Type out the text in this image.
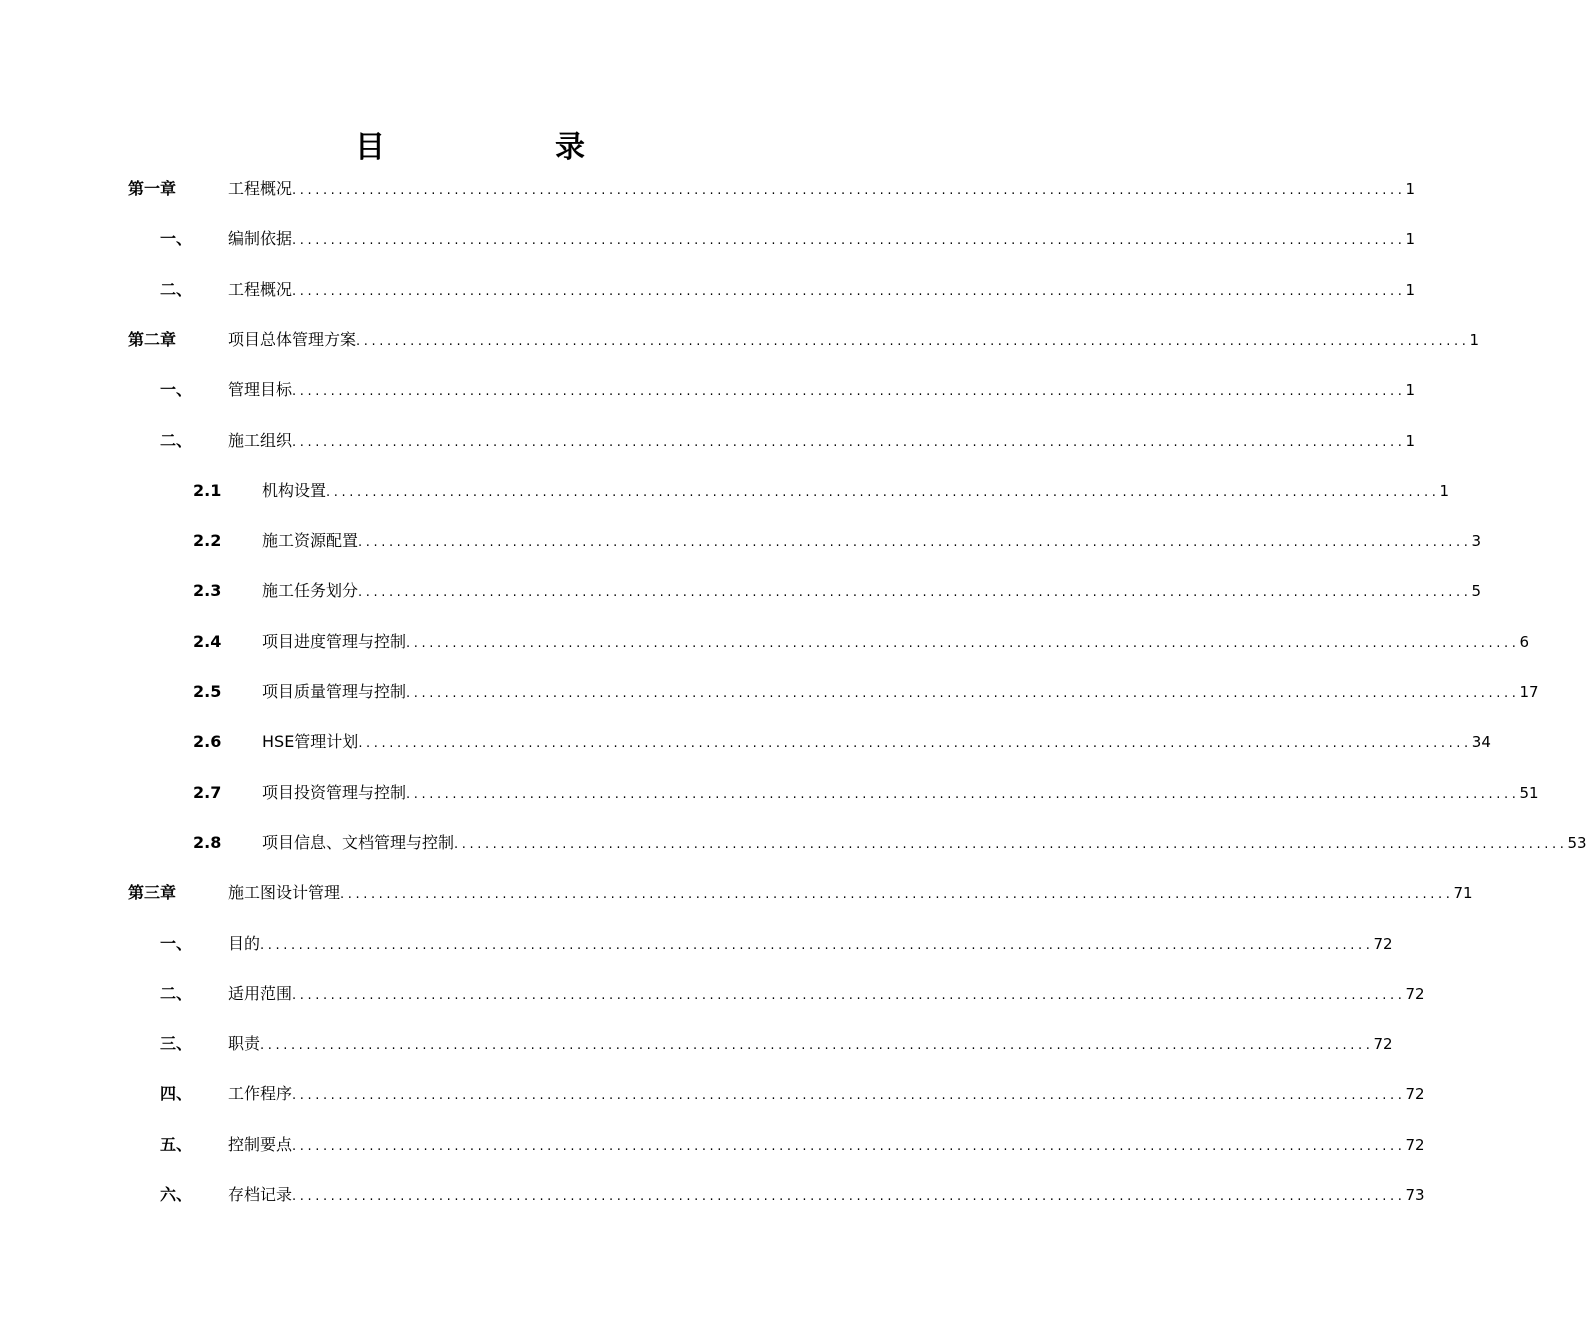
目　录
第一章	工程概况 ................................................................................................................................................ 1
一、 编制依据 ................................................................................................................................................ 1
二、 工程概况 ................................................................................................................................................ 1
第二章	项目总体管理方案 ................................................................................................................................................ 1
一、 管理目标 ................................................................................................................................................ 1
二、 施工组织 ................................................................................................................................................ 1
2.1	机构设置 ................................................................................................................................................ 1
2.2	施工资源配置 ................................................................................................................................................ 3
2.3	施工任务划分 ................................................................................................................................................ 5
2.4	项目进度管理与控制 ................................................................................................................................................ 6
2.5	项目质量管理与控制 ................................................................................................................................................ 17
2.6	HSE管理计划 ................................................................................................................................................ 34
2.7	项目投资管理与控制 ................................................................................................................................................ 51
2.8	项目信息、文档管理与控制 ................................................................................................................................................ 53
第三章	施工图设计管理 ................................................................................................................................................ 71
一、 目的 ................................................................................................................................................ 72
二、 适用范围 ................................................................................................................................................ 72
三、 职责 ................................................................................................................................................ 72
四、 工作程序 ................................................................................................................................................ 72
五、 控制要点 ................................................................................................................................................ 72
六、 存档记录 ................................................................................................................................................ 73
